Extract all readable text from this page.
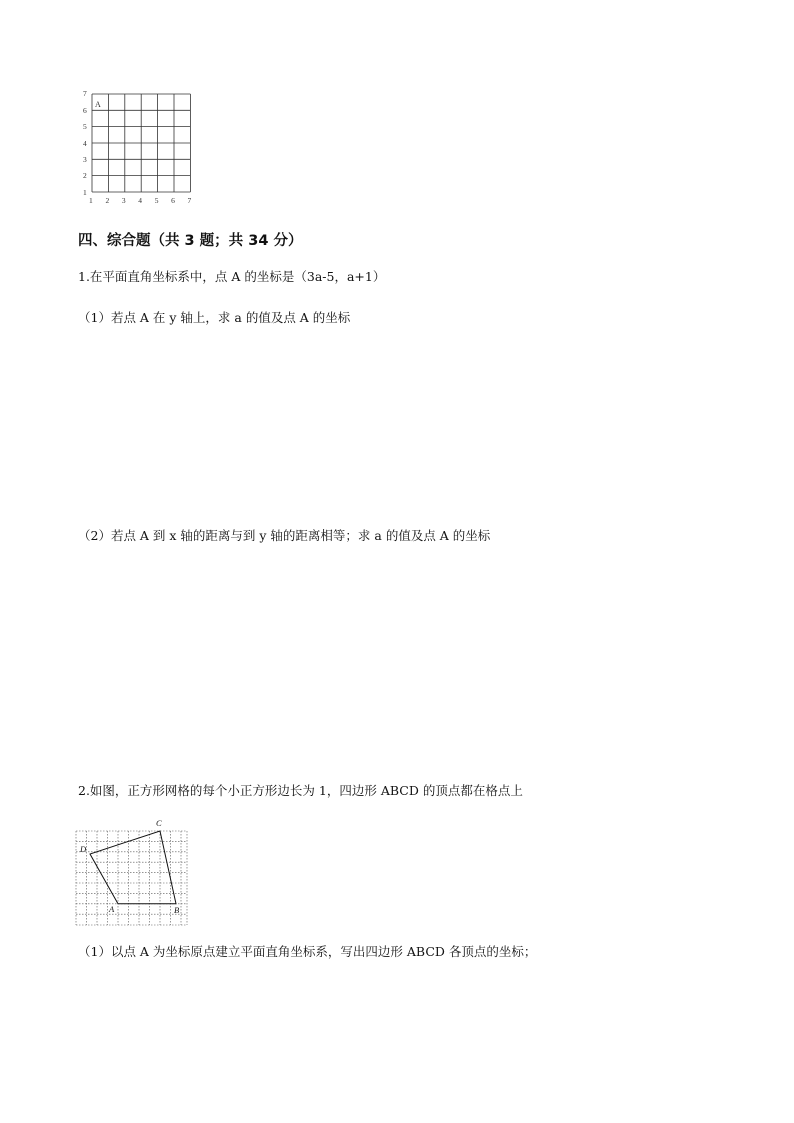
A
1
2
3
4
5
6
7
1 2 3 4 5 6 7
四、综合题（共 3 题；共 34 分）
1.在平面直角坐标系中，点 A 的坐标是（3a-5，a+1）
（1）若点 A 在 y 轴上，求 a 的值及点 A 的坐标
（2）若点 A 到 x 轴的距离与到 y 轴的距离相等；求 a 的值及点 A 的坐标
2.如图，正方形网格的每个小正方形边长为 1，四边形 ABCD 的顶点都在格点上
A	B
C
D
（1）以点 A 为坐标原点建立平面直角坐标系，写出四边形 ABCD 各顶点的坐标；
